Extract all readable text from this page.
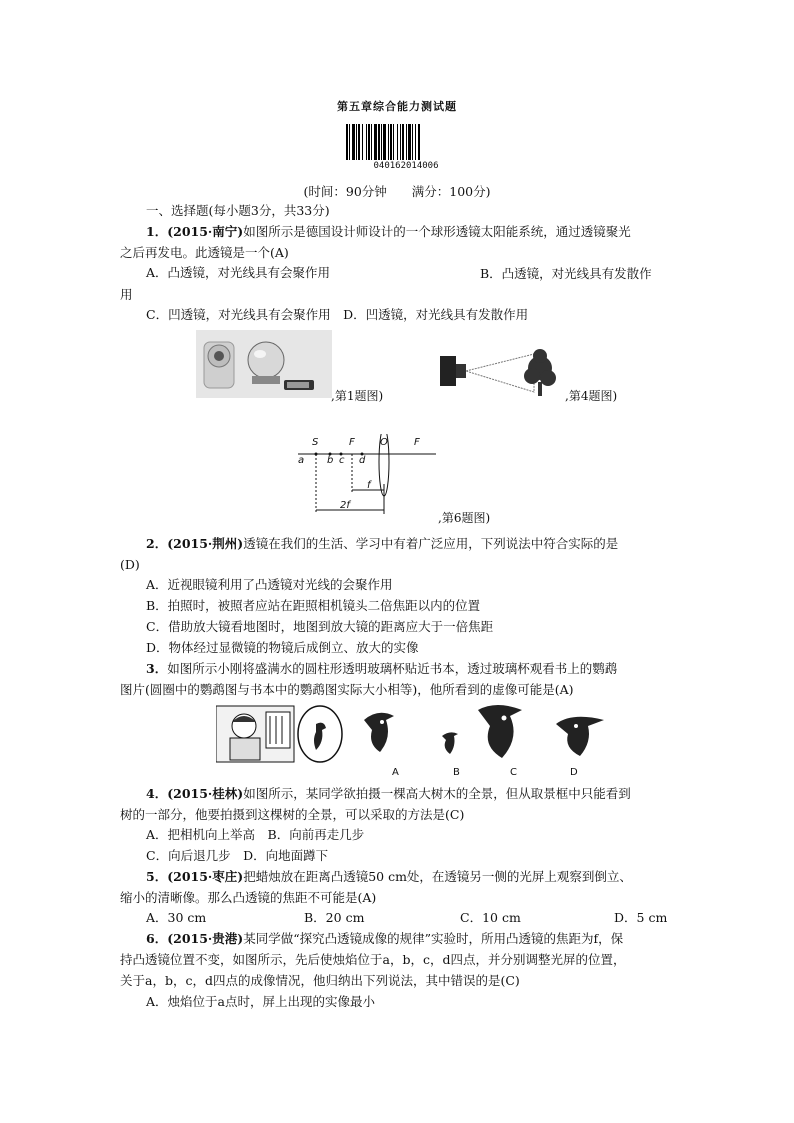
第五章综合能力测试题
040162014006
(时间：90分钟　　满分：100分)
一、选择题(每小题3分，共33分)
1．(2015·南宁)如图所示是德国设计师设计的一个球形透镜太阳能系统，通过透镜聚光
之后再发电。此透镜是一个(A)
A．凸透镜，对光线具有会聚作用	B．凸透镜，对光线具有发散作
用
C．凹透镜，对光线具有会聚作用　D．凹透镜，对光线具有发散作用
,第1题图)	,第4题图)
S	F	O	F
a b c d
f
2f
,第6题图)
2．(2015·荆州)透镜在我们的生活、学习中有着广泛应用，下列说法中符合实际的是
(D)
A．近视眼镜利用了凸透镜对光线的会聚作用
B．拍照时，被照者应站在距照相机镜头二倍焦距以内的位置
C．借助放大镜看地图时，地图到放大镜的距离应大于一倍焦距
D．物体经过显微镜的物镜后成倒立、放大的实像
3．如图所示小刚将盛满水的圆柱形透明玻璃杯贴近书本，透过玻璃杯观看书上的鹦鹉
图片(圆圈中的鹦鹉图与书本中的鹦鹉图实际大小相等)，他所看到的虚像可能是(A)
A	B	C	D
4．(2015·桂林)如图所示，某同学欲拍摄一棵高大树木的全景，但从取景框中只能看到
树的一部分，他要拍摄到这棵树的全景，可以采取的方法是(C)
A．把相机向上举高　B．向前再走几步
C．向后退几步　D．向地面蹲下
5．(2015·枣庄)把蜡烛放在距离凸透镜50 cm处，在透镜另一侧的光屏上观察到倒立、
缩小的清晰像。那么凸透镜的焦距不可能是(A)
A．30 cm	B．20 cm	C．10 cm	D．5 cm
6．(2015·贵港)某同学做“探究凸透镜成像的规律”实验时，所用凸透镜的焦距为f，保
持凸透镜位置不变，如图所示，先后使烛焰位于a，b，c，d四点，并分别调整光屏的位置，
关于a，b，c，d四点的成像情况，他归纳出下列说法，其中错误的是(C)
A．烛焰位于a点时，屏上出现的实像最小
